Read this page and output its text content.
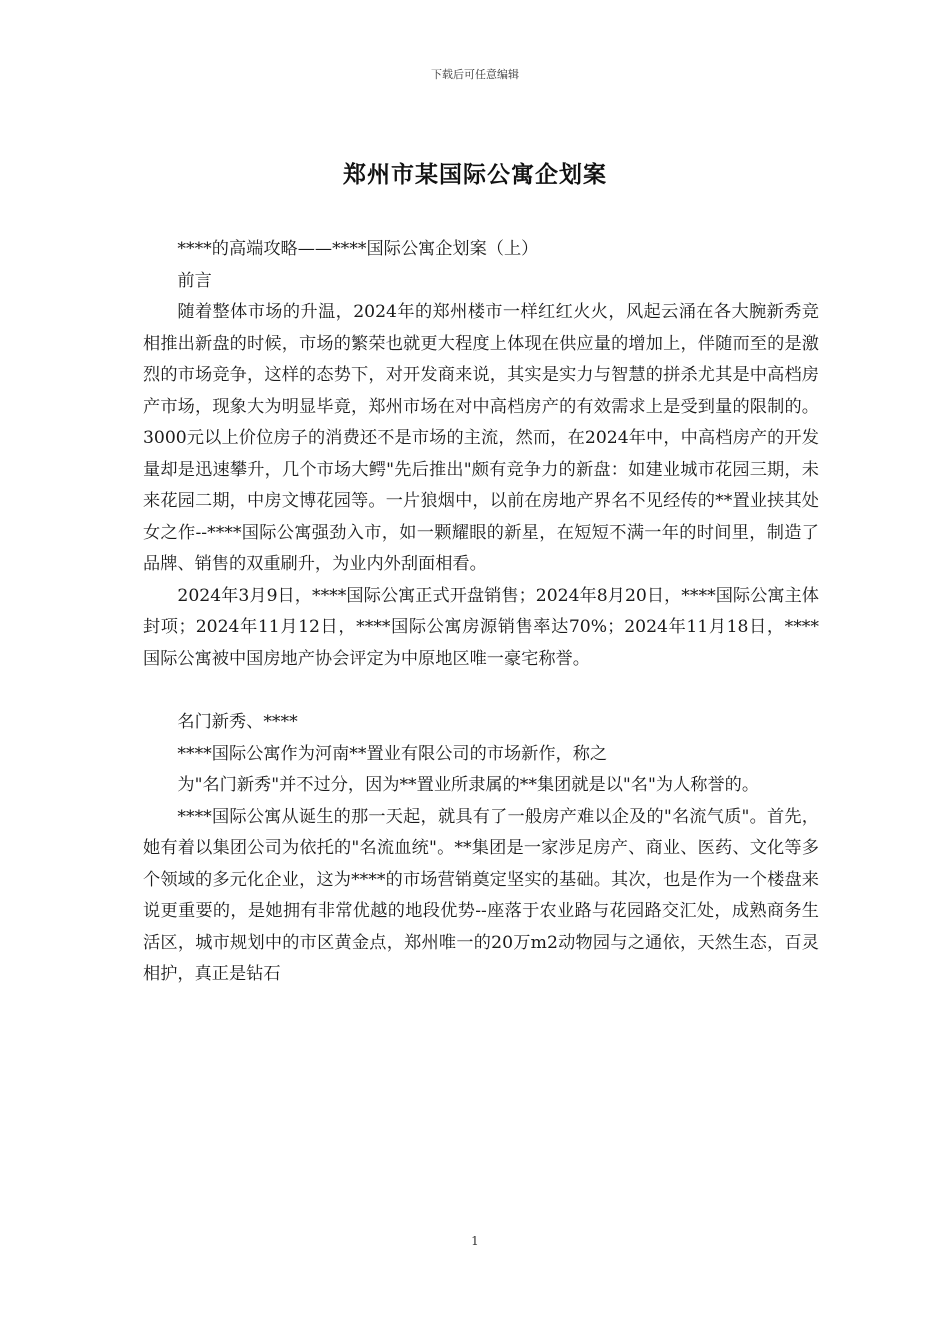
下载后可任意编辑
郑州市某国际公寓企划案

****的高端攻略——****国际公寓企划案（上）

前言

随着整体市场的升温，2024年的郑州楼市一样红红火火，风起云涌在各大腕新秀竞相推出新盘的时候，市场的繁荣也就更大程度上体现在供应量的增加上，伴随而至的是激烈的市场竞争，这样的态势下，对开发商来说，其实是实力与智慧的拼杀尤其是中高档房产市场，现象大为明显毕竟，郑州市场在对中高档房产的有效需求上是受到量的限制的。3000元以上价位房子的消费还不是市场的主流，然而，在2024年中，中高档房产的开发量却是迅速攀升，几个市场大鳄"先后推出"颇有竞争力的新盘：如建业城市花园三期，未来花园二期，中房文博花园等。一片狼烟中，以前在房地产界名不见经传的**置业挟其处女之作--****国际公寓强劲入市，如一颗耀眼的新星，在短短不满一年的时间里，制造了品牌、销售的双重刷升，为业内外刮面相看。

2024年3月9日，****国际公寓正式开盘销售；2024年8月20日，****国际公寓主体封项；2024年11月12日，****国际公寓房源销售率达70%；2024年11月18日，****国际公寓被中国房地产协会评定为中原地区唯一豪宅称誉。

名门新秀、****

****国际公寓作为河南**置业有限公司的市场新作，称之

为"名门新秀"并不过分，因为**置业所隶属的**集团就是以"名"为人称誉的。

****国际公寓从诞生的那一天起，就具有了一般房产难以企及的"名流气质"。首先，她有着以集团公司为依托的"名流血统"。**集团是一家涉足房产、商业、医药、文化等多个领域的多元化企业，这为****的市场营销奠定坚实的基础。其次，也是作为一个楼盘来说更重要的，是她拥有非常优越的地段优势--座落于农业路与花园路交汇处，成熟商务生活区，城市规划中的市区黄金点，郑州唯一的20万m2动物园与之通依，天然生态，百灵相护，真正是钻石

1
